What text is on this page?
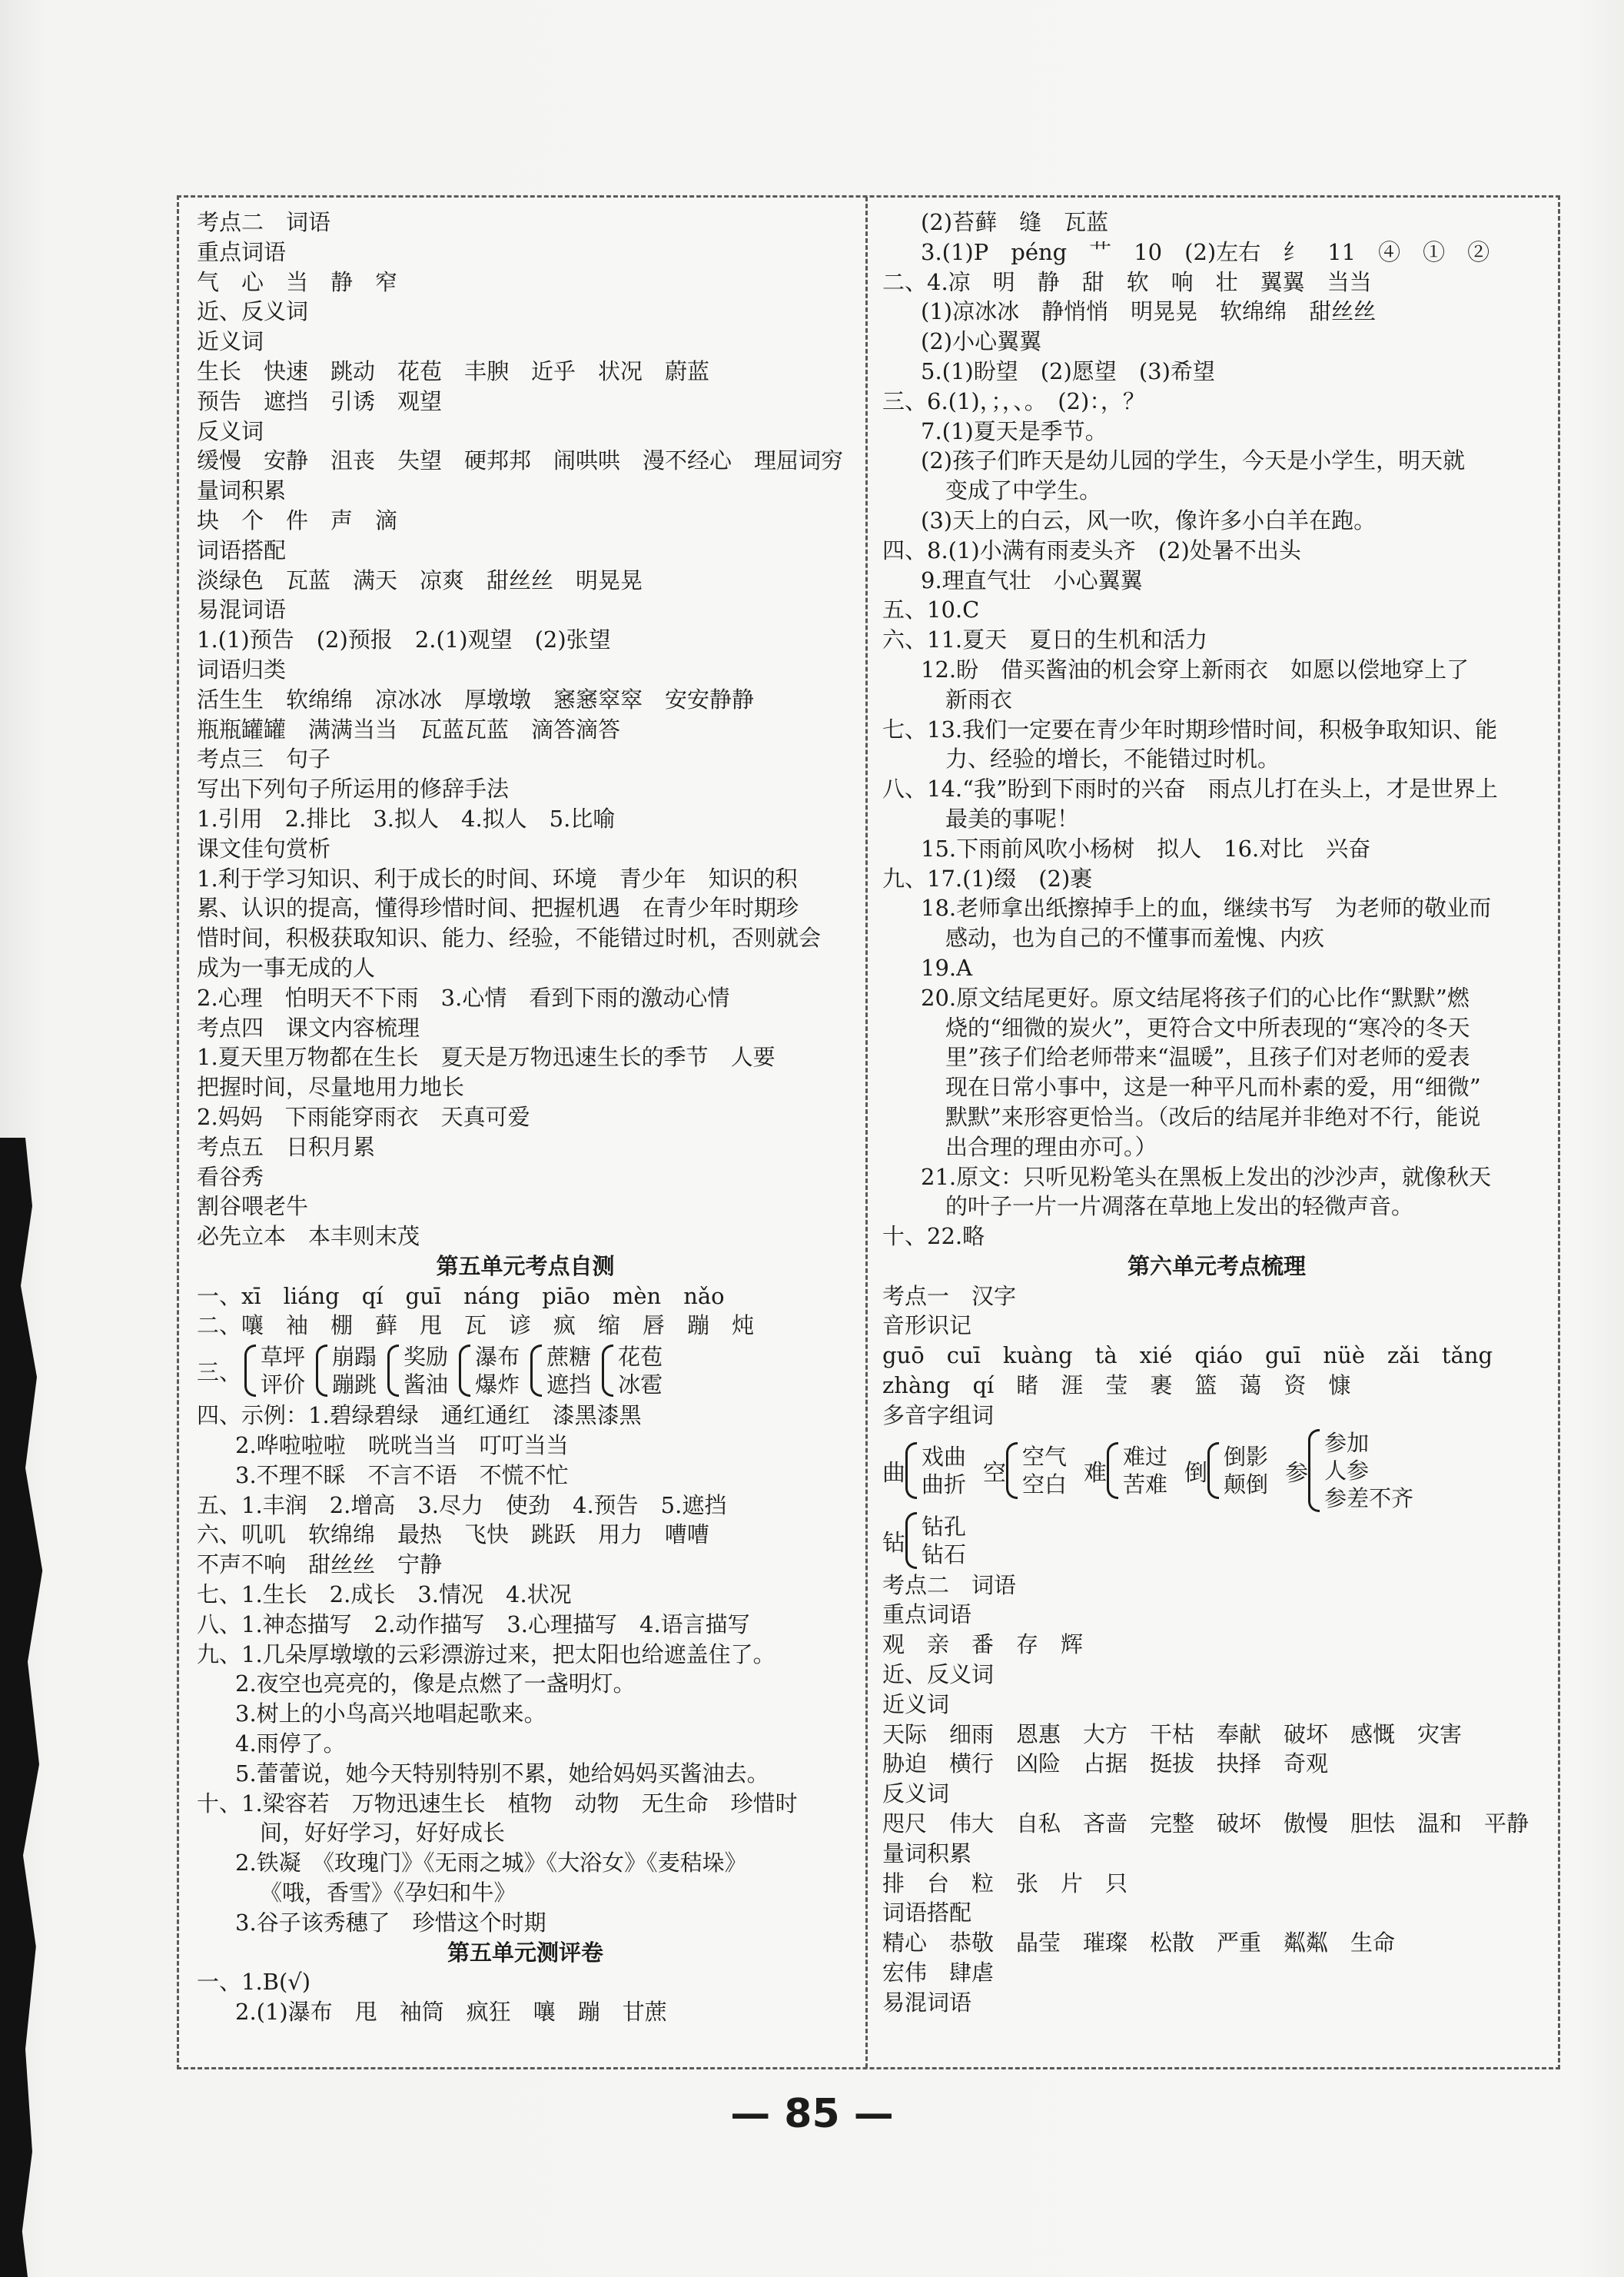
考点二　词语
重点词语
气　心　当　静　窄
近、反义词
近义词
生长　快速　跳动　花苞　丰腴　近乎　状况　蔚蓝
预告　遮挡　引诱　观望
反义词
缓慢　安静　沮丧　失望　硬邦邦　闹哄哄　漫不经心　理屈词穷
量词积累
块　个　件　声　滴
词语搭配
淡绿色　瓦蓝　满天　凉爽　甜丝丝　明晃晃
易混词语
1.(1)预告　(2)预报　2.(1)观望　(2)张望
词语归类
活生生　软绵绵　凉冰冰　厚墩墩　窸窸窣窣　安安静静
瓶瓶罐罐　满满当当　瓦蓝瓦蓝　滴答滴答
考点三　句子
写出下列句子所运用的修辞手法
1.引用　2.排比　3.拟人　4.拟人　5.比喻
课文佳句赏析
1.利于学习知识、利于成长的时间、环境　青少年　知识的积
累、认识的提高，懂得珍惜时间、把握机遇　在青少年时期珍
惜时间，积极获取知识、能力、经验，不能错过时机，否则就会
成为一事无成的人
2.心理　怕明天不下雨　3.心情　看到下雨的激动心情
考点四　课文内容梳理
1.夏天里万物都在生长　夏天是万物迅速生长的季节　人要
把握时间，尽量地用力地长
2.妈妈　下雨能穿雨衣　天真可爱
考点五　日积月累
看谷秀
割谷喂老牛
必先立本　本丰则末茂
第五单元考点自测
一、xī　liáng　qí　guī　náng　piāo　mèn　nǎo
二、嚷　袖　棚　藓　甩　瓦　谚　疯　缩　唇　蹦　炖
三、
草坪
评价
崩蹋
蹦跳
奖励
酱油
瀑布
爆炸
蔗糖
遮挡
花苞
冰雹
四、示例：1.碧绿碧绿　通红通红　漆黑漆黑
2.哗啦啦啦　咣咣当当　叮叮当当
3.不理不睬　不言不语　不慌不忙
五、1.丰润　2.增高　3.尽力　使劲　4.预告　5.遮挡
六、叽叽　软绵绵　最热　飞快　跳跃　用力　嘈嘈
不声不响　甜丝丝　宁静
七、1.生长　2.成长　3.情况　4.状况
八、1.神态描写　2.动作描写　3.心理描写　4.语言描写
九、1.几朵厚墩墩的云彩漂游过来，把太阳也给遮盖住了。
2.夜空也亮亮的，像是点燃了一盏明灯。
3.树上的小鸟高兴地唱起歌来。
4.雨停了。
5.蕾蕾说，她今天特别特别不累，她给妈妈买酱油去。
十、1.梁容若　万物迅速生长　植物　动物　无生命　珍惜时
间，好好学习，好好成长
2.铁凝　《玫瑰门》《无雨之城》《大浴女》《麦秸垛》
《哦，香雪》《孕妇和牛》
3.谷子该秀穗了　珍惜这个时期
第五单元测评卷
一、1.B(√)
2.(1)瀑布　甩　袖筒　疯狂　嚷　蹦　甘蔗
(2)苔藓　缝　瓦蓝
3.(1)P　péng　艹　10　(2)左右　纟　11　④　①　②
二、4.凉　明　静　甜　软　响　壮　翼翼　当当
(1)凉冰冰　静悄悄　明晃晃　软绵绵　甜丝丝
(2)小心翼翼
5.(1)盼望　(2)愿望　(3)希望
三、6.(1)，；，、。　(2)：，？
7.(1)夏天是季节。
(2)孩子们昨天是幼儿园的学生，今天是小学生，明天就
变成了中学生。
(3)天上的白云，风一吹，像许多小白羊在跑。
四、8.(1)小满有雨麦头齐　(2)处暑不出头
9.理直气壮　小心翼翼
五、10.C
六、11.夏天　夏日的生机和活力
12.盼　借买酱油的机会穿上新雨衣　如愿以偿地穿上了
新雨衣
七、13.我们一定要在青少年时期珍惜时间，积极争取知识、能
力、经验的增长，不能错过时机。
八、14.“我”盼到下雨时的兴奋　雨点儿打在头上，才是世界上
最美的事呢！
15.下雨前风吹小杨树　拟人　16.对比　兴奋
九、17.(1)缀　(2)裹
18.老师拿出纸擦掉手上的血，继续书写　为老师的敬业而
感动，也为自己的不懂事而羞愧、内疚
19.A
20.原文结尾更好。原文结尾将孩子们的心比作“默默”燃
烧的“细微的炭火”，更符合文中所表现的“寒冷的冬天
里”孩子们给老师带来“温暖”，且孩子们对老师的爱表
现在日常小事中，这是一种平凡而朴素的爱，用“细微”
默默”来形容更恰当。（改后的结尾并非绝对不行，能说
出合理的理由亦可。）
21.原文：只听见粉笔头在黑板上发出的沙沙声，就像秋天
的叶子一片一片凋落在草地上发出的轻微声音。
十、22.略
第六单元考点梳理
考点一　汉字
音形识记
guō　cuī　kuàng　tà　xié　qiáo　guī　nüè　zǎi　tǎng
zhàng　qí　睹　涯　莹　裹　篮　蔼　资　慷
多音字组词
曲
戏曲
曲折 空
空气
空白 难
难过
苦难 倒
倒影
颠倒 参
参加
人参
参差不齐
钻
钻孔
钻石
考点二　词语
重点词语
观　亲　番　存　辉
近、反义词
近义词
天际　细雨　恩惠　大方　干枯　奉献　破坏　感慨　灾害
胁迫　横行　凶险　占据　挺拔　抉择　奇观
反义词
咫尺　伟大　自私　吝啬　完整　破坏　傲慢　胆怯　温和　平静
量词积累
排　台　粒　张　片　只
词语搭配
精心　恭敬　晶莹　璀璨　松散　严重　粼粼　生命
宏伟　肆虐
易混词语
— 85 —
